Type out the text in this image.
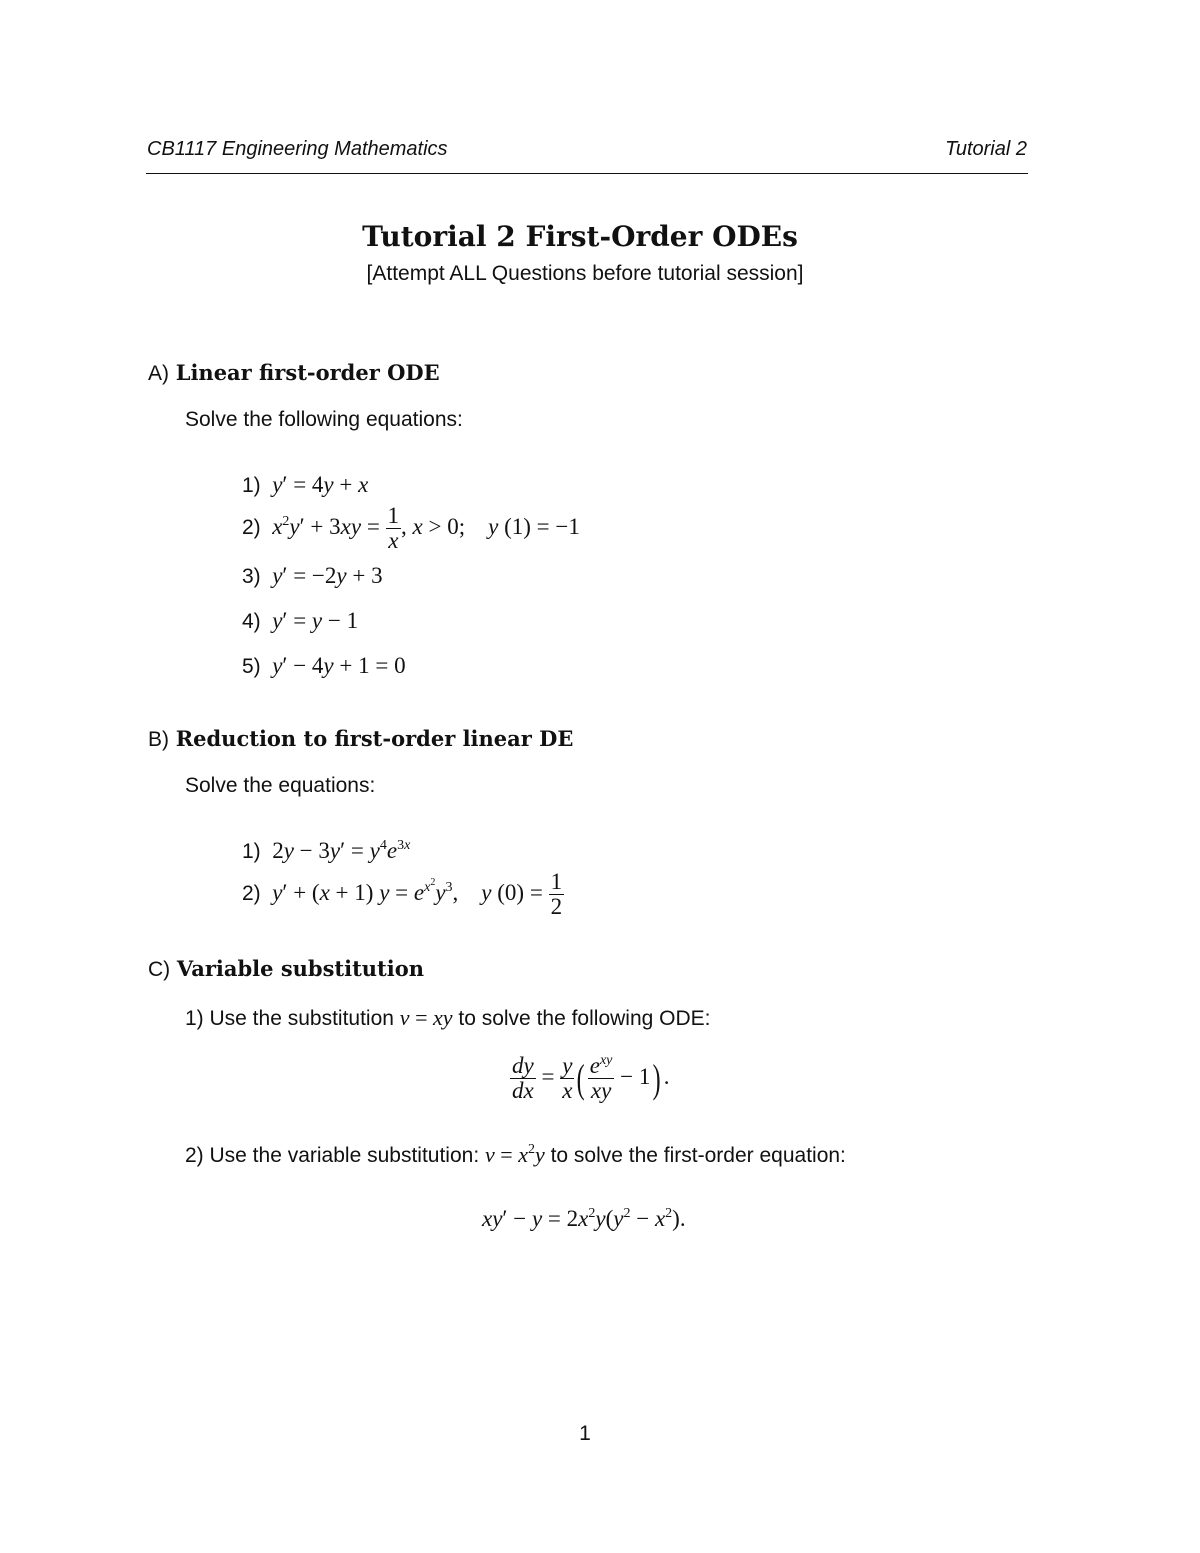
CB1117 Engineering Mathematics	Tutorial 2
Tutorial 2 First-Order ODEs
[Attempt ALL Questions before tutorial session]
A) Linear first-order ODE
Solve the following equations:
1) y′ = 4y + x
2) $x^2y' + 3xy = \frac{1}{x}$ , x > 0;    y (1) = −1
3) y′ = −2y + 3
4) y′ = y − 1
5) y′ − 4y + 1 = 0
B) Reduction to first-order linear DE
Solve the equations:
1)  $2y - 3y' = y^4e^{3x}$
2) y′ + (x + 1) $y = e^{x^2}y^3$,    y $(0) = \frac{1}{2}$
C) Variable substitution
1) Use the substitution v = xy to solve the following ODE:
$\frac{dy}{dx} = \frac{y}{x}$ ( $\frac{e^{xy}}{xy} - 1$) .
2) Use the variable substitution: $v = x^2y$ to solve the first-order equation:
$xy' - y = 2x^2y(y^2 - x^2)$.
1
